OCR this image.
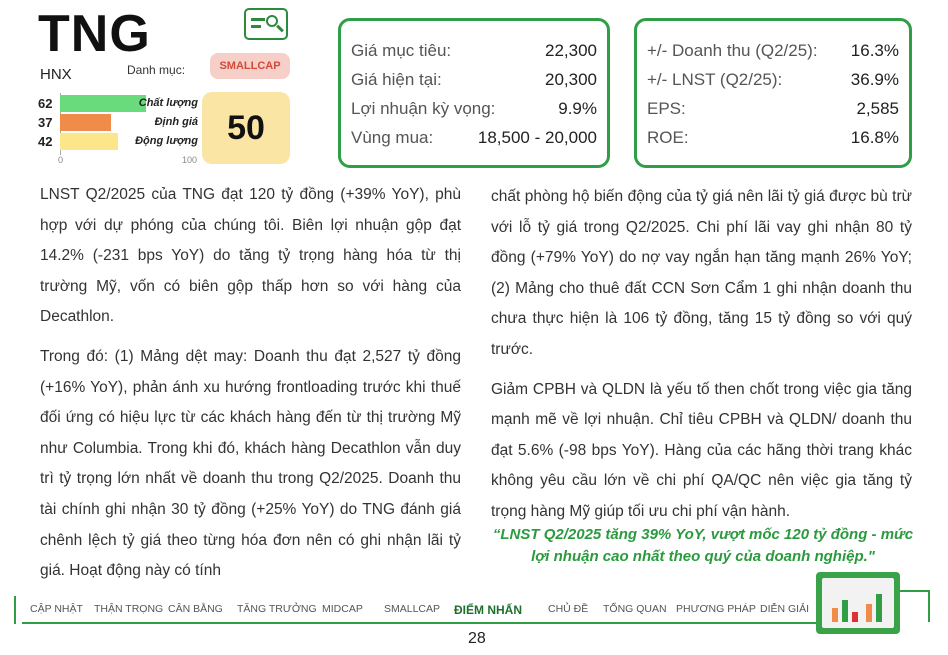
TNG
HNX	Danh mục:	SMALLCAP
62	Chất lượng
37	Định giá
42	Động lượng
0	100
50
Giá mục tiêu:	22,300
Giá hiện tại:	20,300
Lợi nhuận kỳ vọng:	9.9%
Vùng mua:	18,500 - 20,000
+/- Doanh thu (Q2/25): 16.3%
+/- LNST (Q2/25):	36.9%
EPS:	2,585
ROE:	16.8%

LNST Q2/2025 của TNG đạt 120 tỷ đồng (+39% YoY), phù hợp với dự phóng của chúng tôi. Biên lợi nhuận gộp đạt 14.2% (-231 bps YoY) do tăng tỷ trọng hàng hóa từ thị trường Mỹ, vốn có biên gộp thấp hơn so với hàng của Decathlon.

Trong đó: (1) Mảng dệt may: Doanh thu đạt 2,527 tỷ đồng (+16% YoY), phản ánh xu hướng frontloading trước khi thuế đối ứng có hiệu lực từ các khách hàng đến từ thị trường Mỹ như Columbia. Trong khi đó, khách hàng Decathlon vẫn duy trì tỷ trọng lớn nhất về doanh thu trong Q2/2025. Doanh thu tài chính ghi nhận 30 tỷ đồng (+25% YoY) do TNG đánh giá chênh lệch tỷ giá theo từng hóa đơn nên có ghi nhận lãi tỷ giá. Hoạt động này có tính

chất phòng hộ biến động của tỷ giá nên lãi tỷ giá được bù trừ với lỗ tỷ giá trong Q2/2025. Chi phí lãi vay ghi nhận 80 tỷ đồng (+79% YoY) do nợ vay ngắn hạn tăng mạnh 26% YoY; (2) Mảng cho thuê đất CCN Sơn Cẩm 1 ghi nhận doanh thu chưa thực hiện là 106 tỷ đồng, tăng 15 tỷ đồng so với quý trước.

Giảm CPBH và QLDN là yếu tố then chốt trong việc gia tăng mạnh mẽ về lợi nhuận. Chỉ tiêu CPBH và QLDN/ doanh thu đạt 5.6% (-98 bps YoY). Hàng của các hãng thời trang khác không yêu cầu lớn về chi phí QA/QC nên việc gia tăng tỷ trọng hàng Mỹ giúp tối ưu chi phí vận hành.

“LNST Q2/2025 tăng 39% YoY, vượt mốc 120 tỷ đồng - mức lợi nhuận cao nhất theo quý của doanh nghiệp."
CẬP NHẬT THẬN TRỌNG CÂN BẰNG TĂNG TRƯỞNG MIDCAP SMALLCAP ĐIỂM NHẤN CHỦ ĐỀ TỔNG QUAN PHƯƠNG PHÁP DIỄN GIẢI
28
